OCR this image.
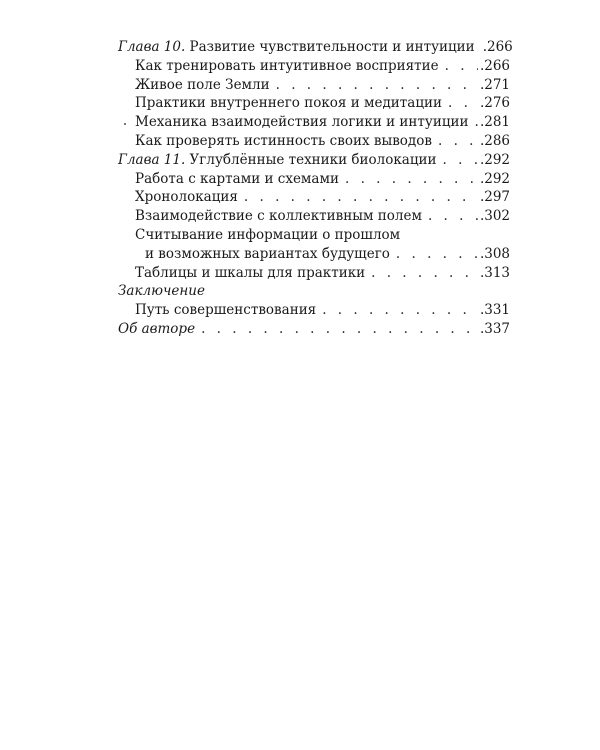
Глава 10. Развитие чувствительности и интуиции .266
Как тренировать интуитивное восприятие . . .	.266
Живое поле Земли . . .	.271
Практики внутреннего покоя и медитации . . .	.276
Механика взаимодействия логики и интуиции . . . .281
Как проверять истинность своих выводов . . .	.286
Глава 11. Углублённые техники биолокации . . .	.292
Работа с картами и схемами . . .	.292
Хронолокация . . .	.297
Взаимодействие с коллективным полем . . .	.302
Считывание информации о прошлом
и возможных вариантах будущего . . .	.308
Таблицы и шкалы для практики . . .	.313
Заключение
Путь совершенствования . . .	.331
Об авторе . . .	.337
